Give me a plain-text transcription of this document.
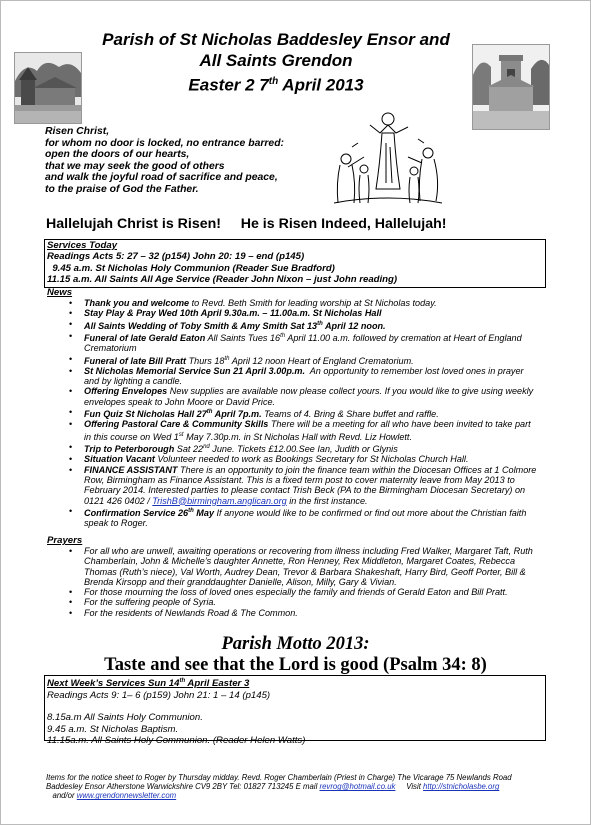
Parish of St Nicholas Baddesley Ensor and
All Saints Grendon
Easter 2 7th April 2013
Risen Christ,
for whom no door is locked, no entrance barred:
open the doors of our hearts,
that we may seek the good of others
and walk the joyful road of sacrifice and peace,
to the praise of God the Father.
Hallelujah Christ is Risen!     He is Risen Indeed, Hallelujah!
Services Today
Readings Acts 5: 27 – 32 (p154) John 20: 19 – end (p145)
9.45 a.m. St Nicholas Holy Communion (Reader Sue Bradford)
11.15 a.m. All Saints All Age Service (Reader John Nixon – just John reading)
News
• Thank you and welcome to Revd. Beth Smith for leading worship at St Nicholas today.
• Stay Play & Pray Wed 10th April 9.30a.m. – 11.00a.m. St Nicholas Hall
• All Saints Wedding of Toby Smith & Amy Smith Sat 13th April 12 noon.
• Funeral of late Gerald Eaton All Saints Tues 16th April 11.00 a.m. followed by cremation at Heart of England Crematorium
• Funeral of late Bill Pratt Thurs 18th April 12 noon Heart of England Crematorium.
• St Nicholas Memorial Service Sun 21 April 3.00p.m.  An opportunity to remember lost loved ones in prayer and by lighting a candle.
• Offering Envelopes New supplies are available now please collect yours. If you would like to give using weekly envelopes speak to John Moore or David Price.
• Fun Quiz St Nicholas Hall 27th April 7p.m. Teams of 4. Bring & Share buffet and raffle.
• Offering Pastoral Care & Community Skills There will be a meeting for all who have been invited to take part in this course on Wed 1st May 7.30p.m. in St Nicholas Hall with Revd. Liz Howlett.
• Trip to Peterborough Sat 22nd June. Tickets £12.00.See Ian, Judith or Glynis
• Situation Vacant Volunteer needed to work as Bookings Secretary for St Nicholas Church Hall.
• FINANCE ASSISTANT There is an opportunity to join the finance team within the Diocesan Offices at 1 Colmore Row, Birmingham as Finance Assistant. This is a fixed term post to cover maternity leave from May 2013 to February 2014. Interested parties to please contact Trish Beck (PA to the Birmingham Diocesan Secretary) on 0121 426 0402 / TrishB@birmingham.anglican.org in the first instance.
• Confirmation Service 26th May If anyone would like to be confirmed or find out more about the Christian faith speak to Roger.
Prayers
• For all who are unwell, awaiting operations or recovering from illness including Fred Walker, Margaret Taft, Ruth Chamberlain, John & Michelle’s daughter Annette, Ron Henney, Rex Middleton, Margaret Coates, Rebecca Thomas (Ruth’s niece), Val Worth, Audrey Dean, Trevor & Barbara Shakeshaft, Harry Bird, Geoff Porter, Bill & Brenda Kirsopp and their granddaughter Danielle, Alison, Milly, Gary & Vivian.
• For those mourning the loss of loved ones especially the family and friends of Gerald Eaton and Bill Pratt.
• For the suffering people of Syria.
• For the residents of Newlands Road & The Common.
Parish Motto 2013:
Taste and see that the Lord is good (Psalm 34: 8)
Next Week’s Services Sun 14th April Easter 3
Readings Acts 9: 1– 6 (p159) John 21: 1 – 14 (p145)
8.15a.m All Saints Holy Communion.
9.45 a.m. St Nicholas Baptism.
11.15a.m. All Saints Holy Communion. (Reader Helen Watts)
Items for the notice sheet to Roger by Thursday midday. Revd. Roger Chamberlain (Priest in Charge) The Vicarage 75 Newlands Road Baddesley Ensor Atherstone Warwickshire CV9 2BY Tel: 01827 713245 E mail revrog@hotmail.co.uk     Visit http://stnicholasbe.org   and/or www.grendonnewsletter.com
